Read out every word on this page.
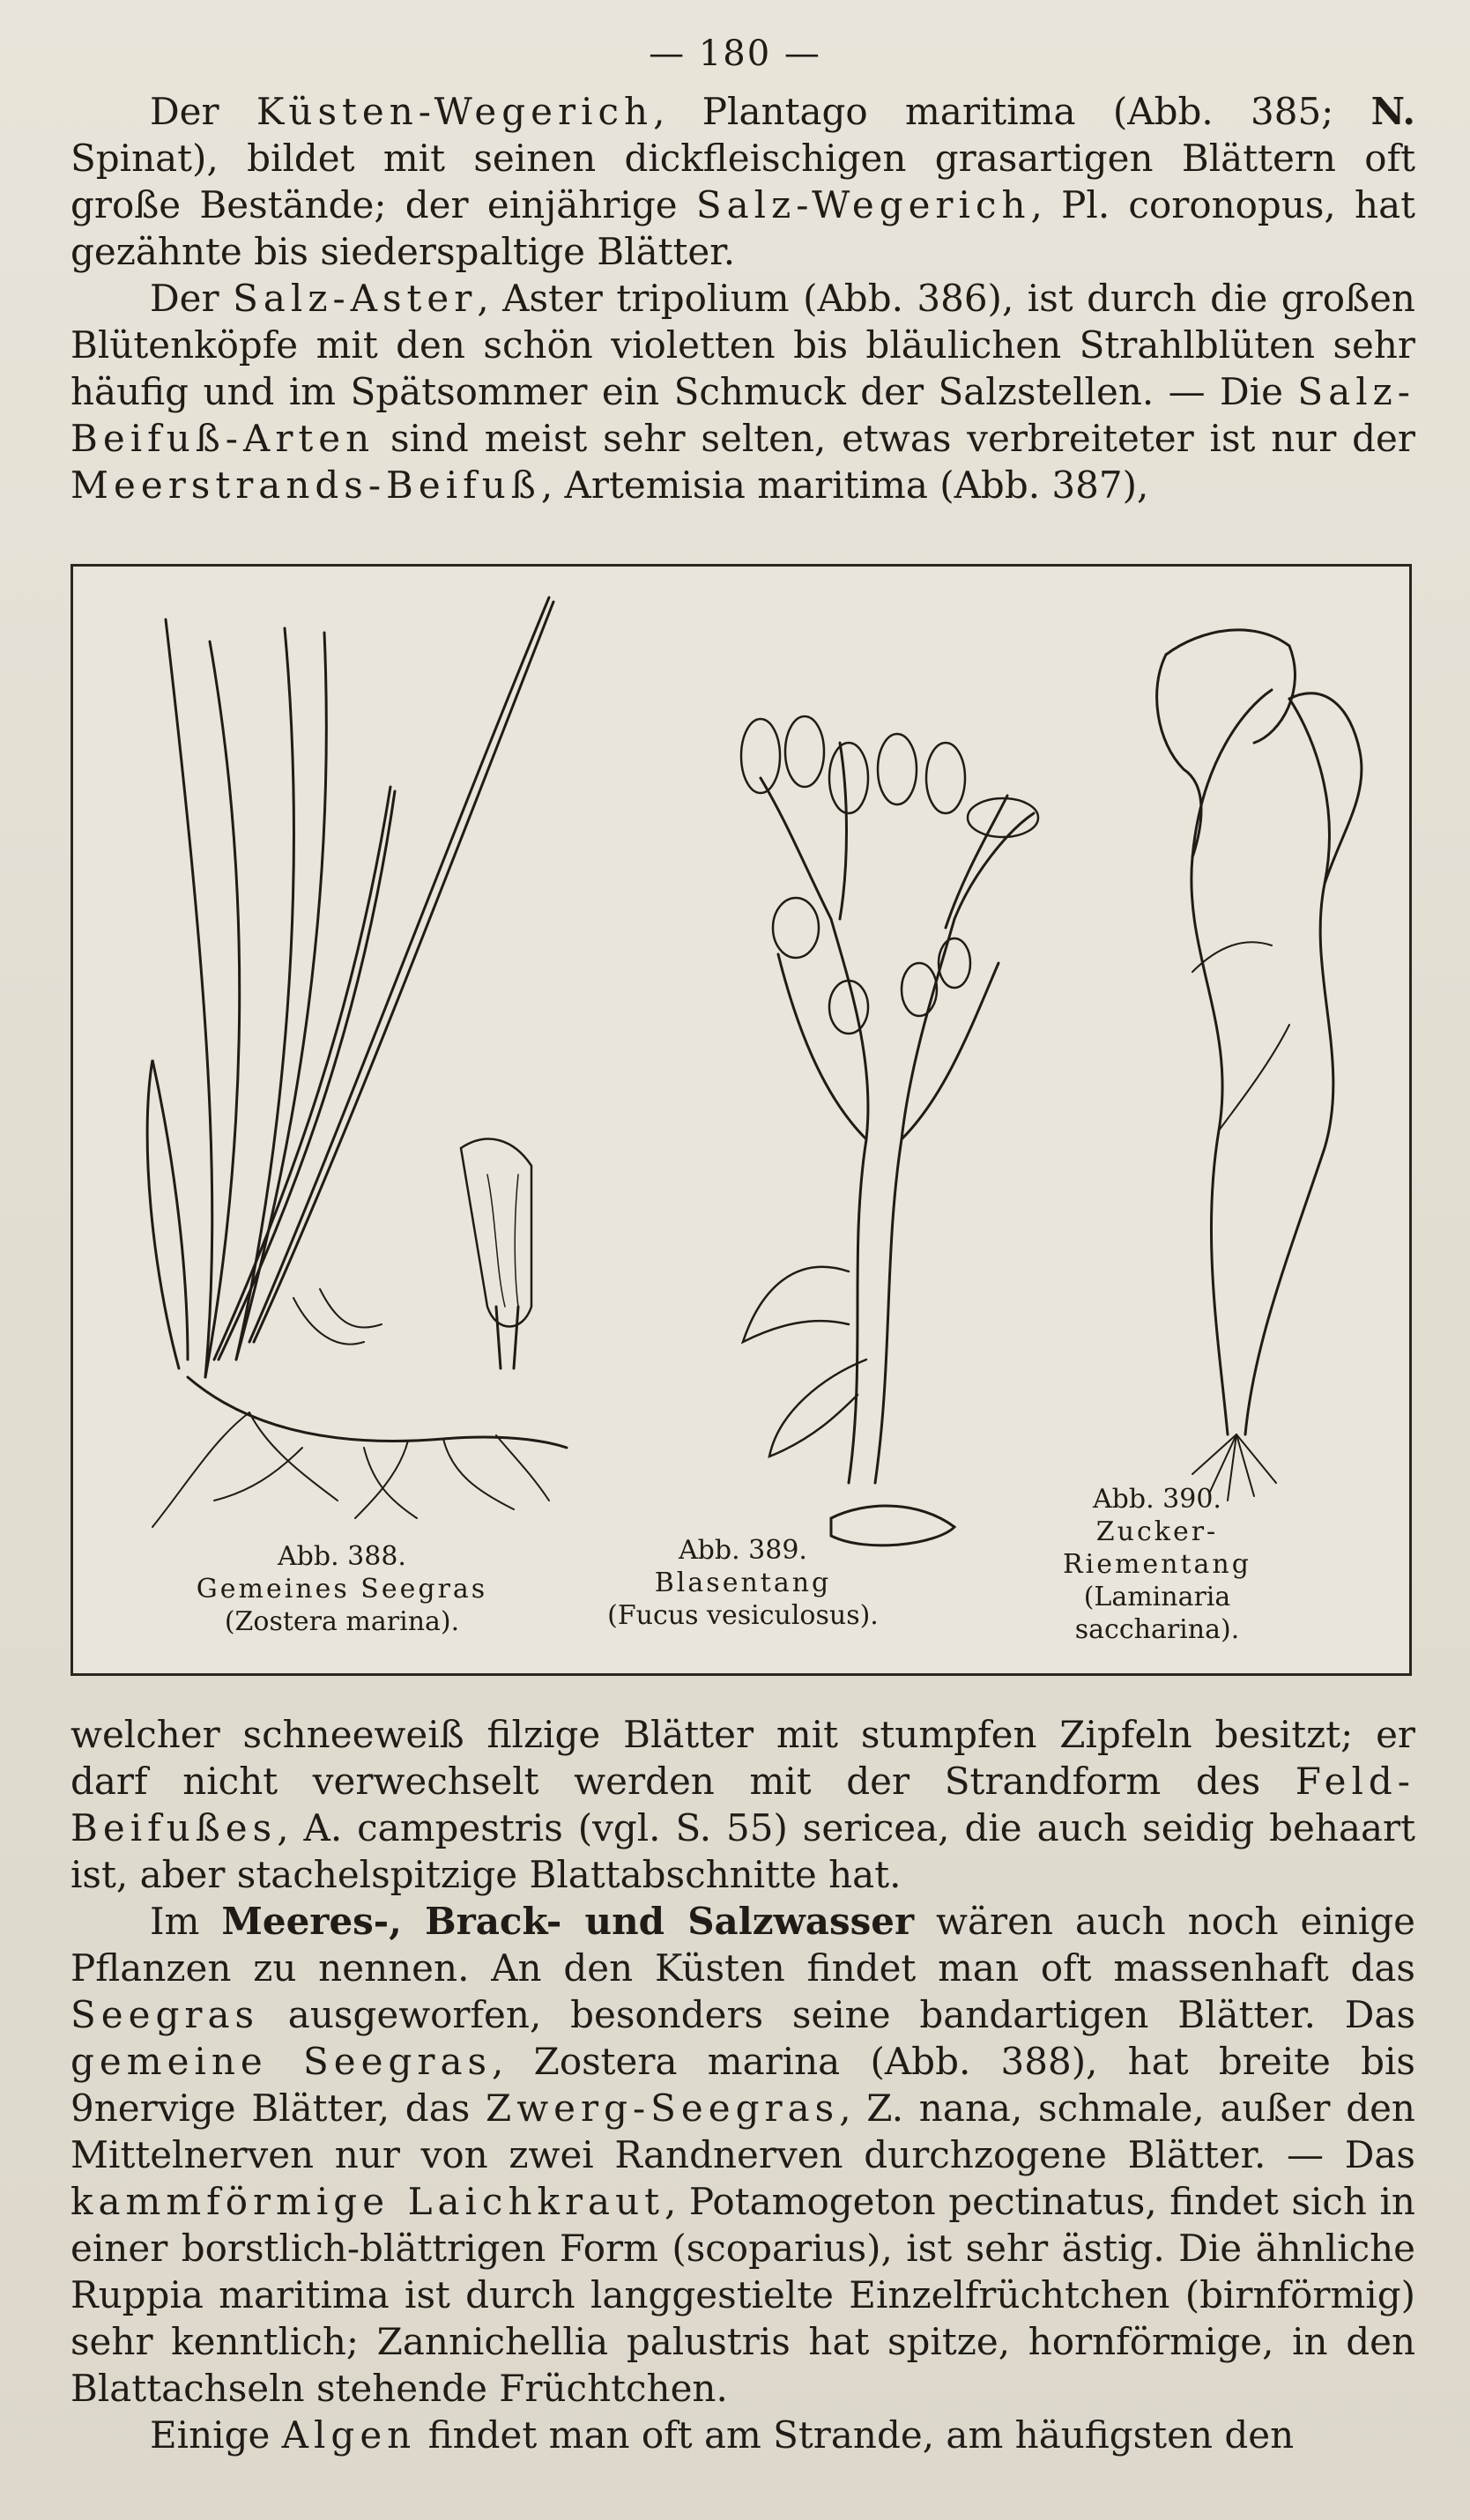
— 180 —

Der Küsten-Wegerich, Plantago maritima (Abb. 385; N. Spinat), bildet mit seinen dickfleischigen grasartigen Blättern oft große Bestände; der einjährige Salz-Wegerich, Pl. coronopus, hat gezähnte bis siederspaltige Blätter.

Der Salz-Aster, Aster tripolium (Abb. 386), ist durch die großen Blütenköpfe mit den schön violetten bis bläulichen Strahlblüten sehr häufig und im Spätsommer ein Schmuck der Salzstellen. — Die Salz-Beifuß-Arten sind meist sehr selten, etwas verbreiteter ist nur der Meerstrands-Beifuß, Artemisia maritima (Abb. 387),

Abb. 388.
Gemeines Seegras
(Zostera marina).
Abb. 389.
Blasentang
(Fucus vesiculosus).
Abb. 390.
Zucker-
Riementang
(Laminaria
saccharina).

welcher schneeweiß filzige Blätter mit stumpfen Zipfeln besitzt; er darf nicht verwechselt werden mit der Strandform des Feld-Beifußes, A. campestris (vgl. S. 55) sericea, die auch seidig behaart ist, aber stachelspitzige Blattabschnitte hat.

Im Meeres-, Brack- und Salzwasser wären auch noch einige Pflanzen zu nennen. An den Küsten findet man oft massenhaft das Seegras ausgeworfen, besonders seine bandartigen Blätter. Das gemeine Seegras, Zostera marina (Abb. 388), hat breite bis 9nervige Blätter, das Zwerg-Seegras, Z. nana, schmale, außer den Mittelnerven nur von zwei Randnerven durchzogene Blätter. — Das kammförmige Laichkraut, Potamogeton pectinatus, findet sich in einer borstlich-blättrigen Form (scoparius), ist sehr ästig. Die ähnliche Ruppia maritima ist durch langgestielte Einzelfrüchtchen (birnförmig) sehr kenntlich; Zannichellia palustris hat spitze, hornförmige, in den Blattachseln stehende Früchtchen.

Einige Algen findet man oft am Strande, am häufigsten den
